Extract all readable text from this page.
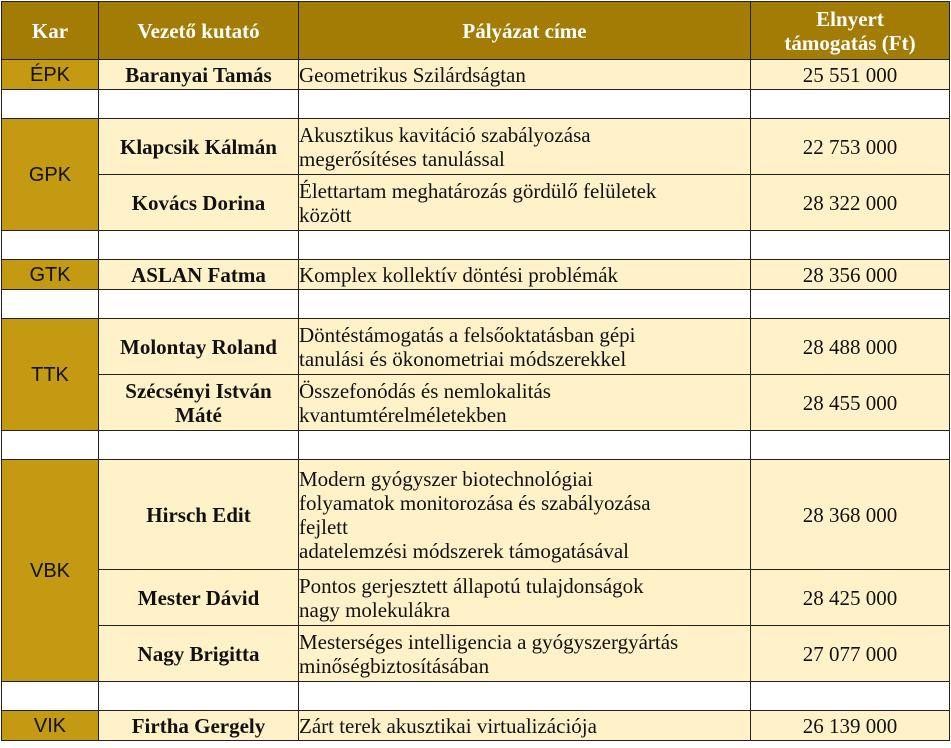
Kar	Vezető kutató	Pályázat címe	Elnyert
támogatás (Ft)

ÉPK	Baranyai Tamás	Geometrikus Szilárdságtan	25 551 000

GPK	Klapcsik Kálmán	Akusztikus kavitáció szabályozása
megerősítéses tanulással	22 753 000
	Kovács Dorina	Élettartam meghatározás gördülő felületek
között	28 322 000

GTK	ASLAN Fatma	Komplex kollektív döntési problémák	28 356 000

TTK	Molontay Roland	Döntéstámogatás a felsőoktatásban gépi
tanulási és ökonometriai módszerekkel	28 488 000

	Szécsényi István
Máté	Összefonódás és nemlokalitás
kvantumtérelméletekben	28 455 000

VBK	Hirsch Edit	Modern gyógyszer biotechnológiai
folyamatok monitorozása és szabályozása
fejlett
adatelemzési módszerek támogatásával	28 368 000
	Mester Dávid	Pontos gerjesztett állapotú tulajdonságok
nagy molekulákra	28 425 000
	Nagy Brigitta	Mesterséges intelligencia a gyógyszergyártás
minőségbiztosításában	27 077 000

VIK	Firtha Gergely	Zárt terek akusztikai virtualizációja	26 139 000
